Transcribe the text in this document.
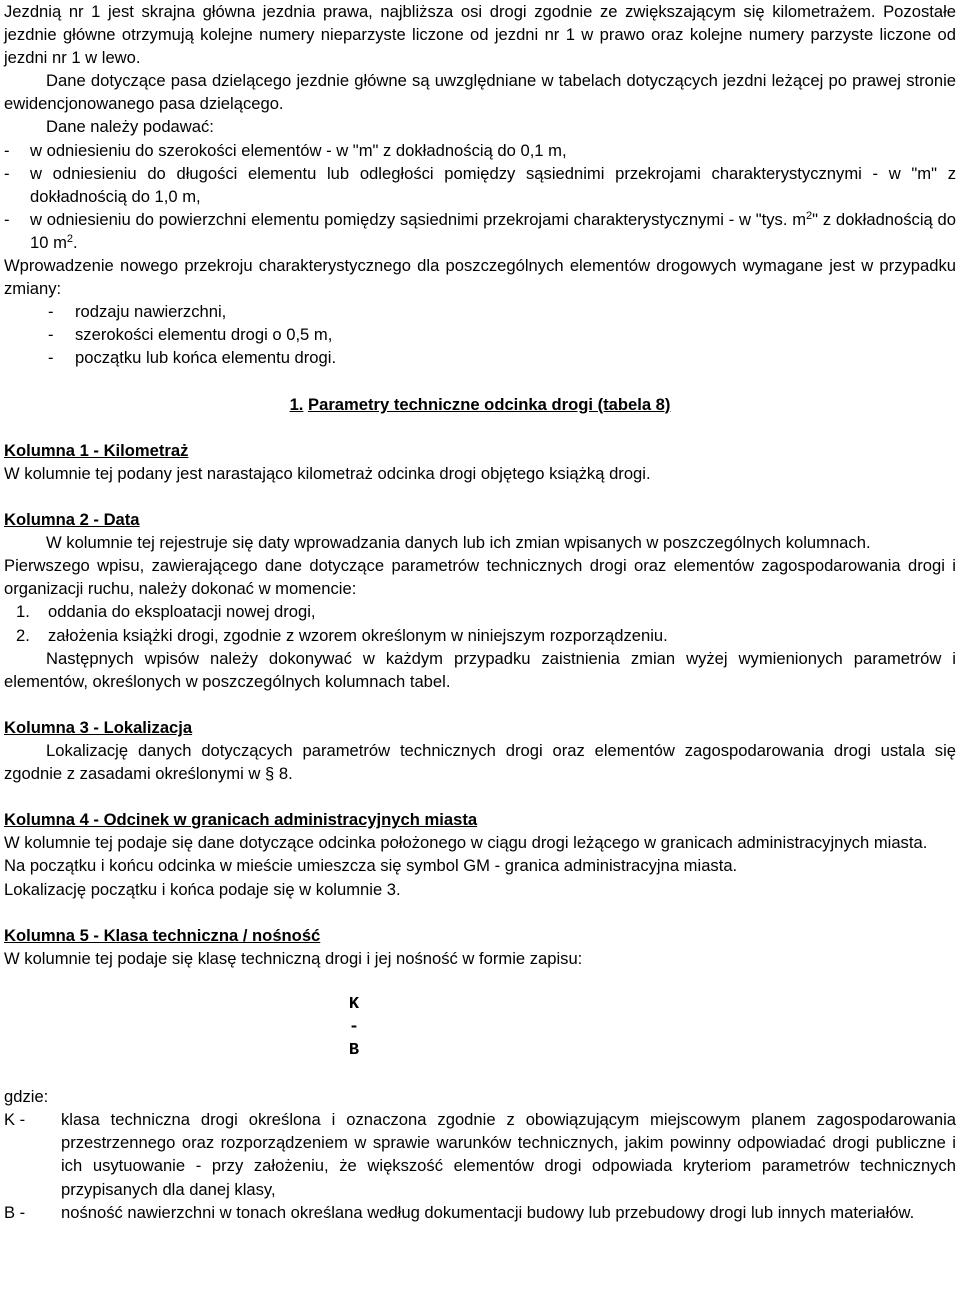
Jezdnią nr 1 jest skrajna główna jezdnia prawa, najbliższa osi drogi zgodnie ze zwiększającym się kilometrażem. Pozostałe jezdnie główne otrzymują kolejne numery nieparzyste liczone od jezdni nr 1 w prawo oraz kolejne numery parzyste liczone od jezdni nr 1 w lewo.

Dane dotyczące pasa dzielącego jezdnie główne są uwzględniane w tabelach dotyczących jezdni leżącej po prawej stronie ewidencjonowanego pasa dzielącego.

Dane należy podawać:

-	w odniesieniu do szerokości elementów - w "m" z dokładnością do 0,1 m,
-	w odniesieniu do długości elementu lub odległości pomiędzy sąsiednimi przekrojami charakterystycznymi - w "m" z dokładnością do 1,0 m,
-	w odniesieniu do powierzchni elementu pomiędzy sąsiednimi przekrojami charakterystycznymi - w "tys. $m^2$" z dokładnością do 10 $m^2$.

Wprowadzenie nowego przekroju charakterystycznego dla poszczególnych elementów drogowych wymagane jest w przypadku zmiany:

-	rodzaju nawierzchni,
-	szerokości elementu drogi o 0,5 m,
-	początku lub końca elementu drogi.
1. Parametry techniczne odcinka drogi (tabela 8)
Kolumna 1 - Kilometraż

W kolumnie tej podany jest narastająco kilometraż odcinka drogi objętego książką drogi.

Kolumna 2 - Data

W kolumnie tej rejestruje się daty wprowadzania danych lub ich zmian wpisanych w poszczególnych kolumnach.

Pierwszego wpisu, zawierającego dane dotyczące parametrów technicznych drogi oraz elementów zagospodarowania drogi i organizacji ruchu, należy dokonać w momencie:

1.	oddania do eksploatacji nowej drogi,
2.	założenia książki drogi, zgodnie z wzorem określonym w niniejszym rozporządzeniu.

Następnych wpisów należy dokonywać w każdym przypadku zaistnienia zmian wyżej wymienionych parametrów i elementów, określonych w poszczególnych kolumnach tabel.

Kolumna 3 - Lokalizacja

Lokalizację danych dotyczących parametrów technicznych drogi oraz elementów zagospodarowania drogi ustala się zgodnie z zasadami określonymi w § 8.

Kolumna 4 - Odcinek w granicach administracyjnych miasta

W kolumnie tej podaje się dane dotyczące odcinka położonego w ciągu drogi leżącego w granicach administracyjnych miasta.

Na początku i końcu odcinka w mieście umieszcza się symbol GM - granica administracyjna miasta.

Lokalizację początku i końca podaje się w kolumnie 3.

Kolumna 5 - Klasa techniczna / nośność

W kolumnie tej podaje się klasę techniczną drogi i jej nośność w formie zapisu:

K
-
B
gdzie:
K -	klasa techniczna drogi określona i oznaczona zgodnie z obowiązującym miejscowym planem zagospodarowania przestrzennego oraz rozporządzeniem w sprawie warunków technicznych, jakim powinny odpowiadać drogi publiczne i ich usytuowanie - przy założeniu, że większość elementów drogi odpowiada kryteriom parametrów technicznych przypisanych dla danej klasy,
B -	nośność nawierzchni w tonach określana według dokumentacji budowy lub przebudowy drogi lub innych materiałów.
